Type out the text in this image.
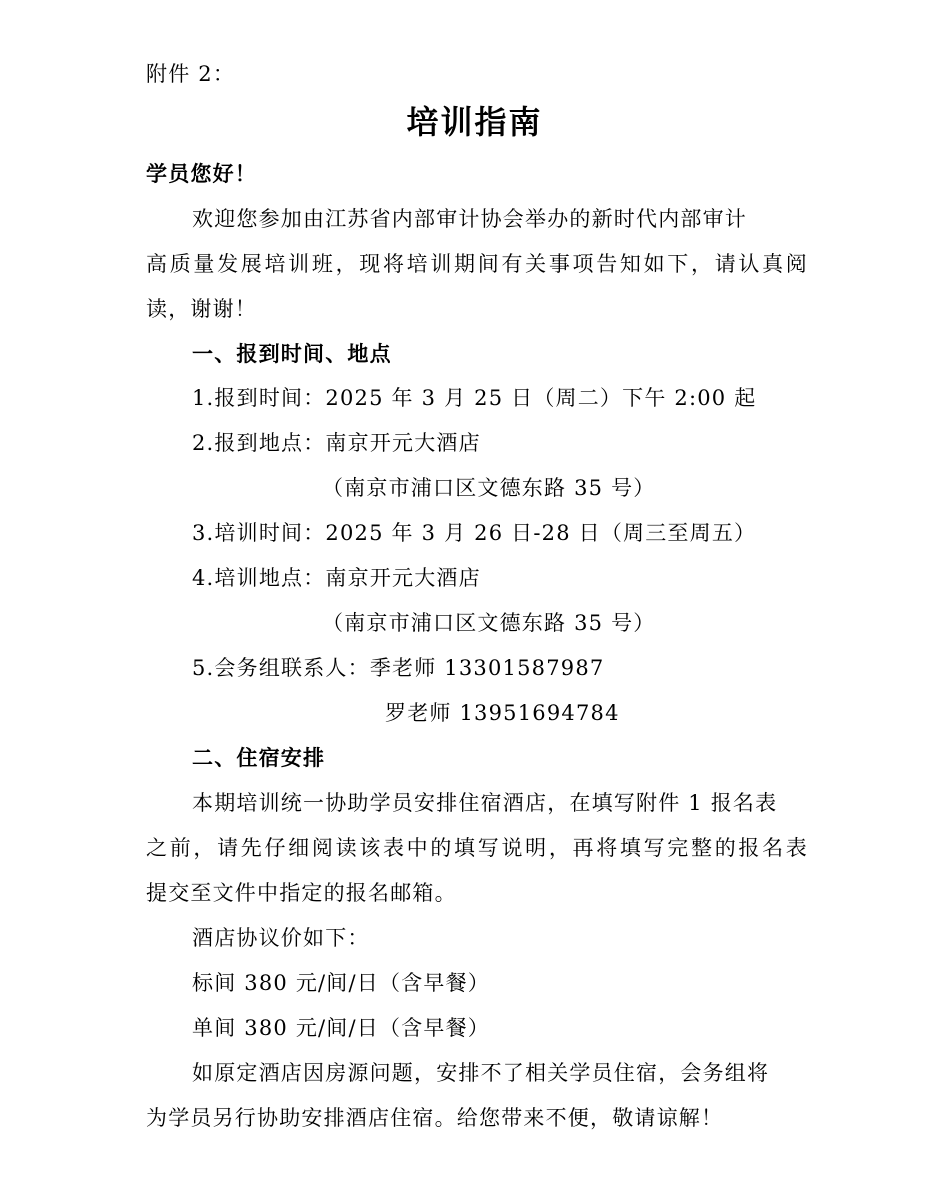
附件 2：
培训指南
学员您好！
欢迎您参加由江苏省内部审计协会举办的新时代内部审计
高质量发展培训班，现将培训期间有关事项告知如下，请认真阅
读，谢谢！
一、报到时间、地点
1.报到时间：2025 年 3 月 25 日（周二）下午 2:00 起
2.报到地点：南京开元大酒店
（南京市浦口区文德东路 35 号）
3.培训时间：2025 年 3 月 26 日-28 日（周三至周五）
4.培训地点：南京开元大酒店
（南京市浦口区文德东路 35 号）
5.会务组联系人：季老师 13301587987
罗老师 13951694784
二、住宿安排
本期培训统一协助学员安排住宿酒店，在填写附件 1 报名表
之前，请先仔细阅读该表中的填写说明，再将填写完整的报名表
提交至文件中指定的报名邮箱。
酒店协议价如下：
标间 380 元/间/日（含早餐）
单间 380 元/间/日（含早餐）
如原定酒店因房源问题，安排不了相关学员住宿，会务组将
为学员另行协助安排酒店住宿。给您带来不便，敬请谅解！
